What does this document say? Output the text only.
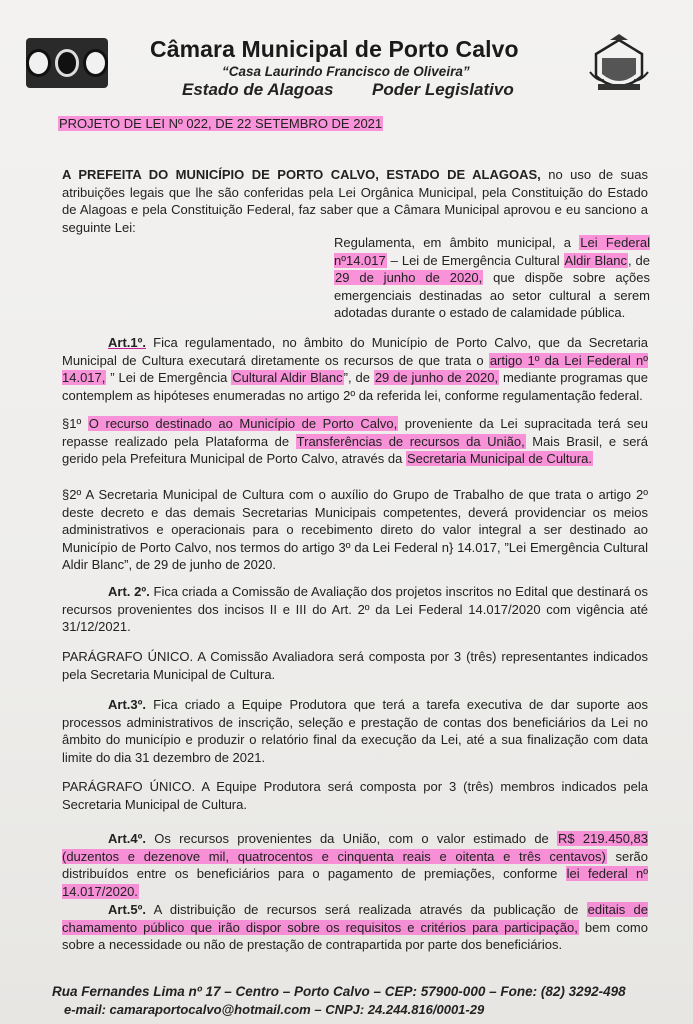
Câmara Municipal de Porto Calvo
“Casa Laurindo Francisco de Oliveira”
Estado de Alagoas Poder Legislativo
PROJETO DE LEI Nº 022, DE 22 SETEMBRO DE 2021
A PREFEITA DO MUNICÍPIO DE PORTO CALVO, ESTADO DE ALAGOAS, no uso de suas atribuições legais que lhe são conferidas pela Lei Orgânica Municipal, pela Constituição do Estado de Alagoas e pela Constituição Federal, faz saber que a Câmara Municipal aprovou e eu sanciono a seguinte Lei:
Regulamenta, em âmbito municipal, a Lei Federal nº14.017 – Lei de Emergência Cultural Aldir Blanc, de 29 de junho de 2020, que dispõe sobre ações emergenciais destinadas ao setor cultural a serem adotadas durante o estado de calamidade pública.
Art.1º. Fica regulamentado, no âmbito do Município de Porto Calvo, que da Secretaria Municipal de Cultura executará diretamente os recursos de que trata o artigo 1º da Lei Federal nº 14.017, ” Lei de Emergência Cultural Aldir Blanc”, de 29 de junho de 2020, mediante programas que contemplem as hipóteses enumeradas no artigo 2º da referida lei, conforme regulamentação federal.
§1º O recurso destinado ao Município de Porto Calvo, proveniente da Lei supracitada terá seu repasse realizado pela Plataforma de Transferências de recursos da União, Mais Brasil, e será gerido pela Prefeitura Municipal de Porto Calvo, através da Secretaria Municipal de Cultura.
§2º A Secretaria Municipal de Cultura com o auxílio do Grupo de Trabalho de que trata o artigo 2º deste decreto e das demais Secretarias Municipais competentes, deverá providenciar os meios administrativos e operacionais para o recebimento direto do valor integral a ser destinado ao Município de Porto Calvo, nos termos do artigo 3º da Lei Federal n} 14.017, ”Lei Emergência Cultural Aldir Blanc”, de 29 de junho de 2020.
Art. 2º. Fica criada a Comissão de Avaliação dos projetos inscritos no Edital que destinará os recursos provenientes dos incisos II e III do Art. 2º da Lei Federal 14.017/2020 com vigência até 31/12/2021.
PARÁGRAFO ÚNICO. A Comissão Avaliadora será composta por 3 (três) representantes indicados pela Secretaria Municipal de Cultura.
Art.3º. Fica criado a Equipe Produtora que terá a tarefa executiva de dar suporte aos processos administrativos de inscrição, seleção e prestação de contas dos beneficiários da Lei no âmbito do município e produzir o relatório final da execução da Lei, até a sua finalização com data limite do dia 31 dezembro de 2021.
PARÁGRAFO ÚNICO. A Equipe Produtora será composta por 3 (três) membros indicados pela Secretaria Municipal de Cultura.
Art.4º. Os recursos provenientes da União, com o valor estimado de R$ 219.450,83 (duzentos e dezenove mil, quatrocentos e cinquenta reais e oitenta e três centavos) serão distribuídos entre os beneficiários para o pagamento de premiações, conforme lei federal nº 14.017/2020.
Art.5º. A distribuição de recursos será realizada através da publicação de editais de chamamento público que irão dispor sobre os requisitos e critérios para participação, bem como sobre a necessidade ou não de prestação de contrapartida por parte dos beneficiários.
Rua Fernandes Lima nº 17 – Centro – Porto Calvo – CEP: 57900-000 – Fone: (82) 3292-498
e-mail: camaraportocalvo@hotmail.com – CNPJ: 24.244.816/0001-29
